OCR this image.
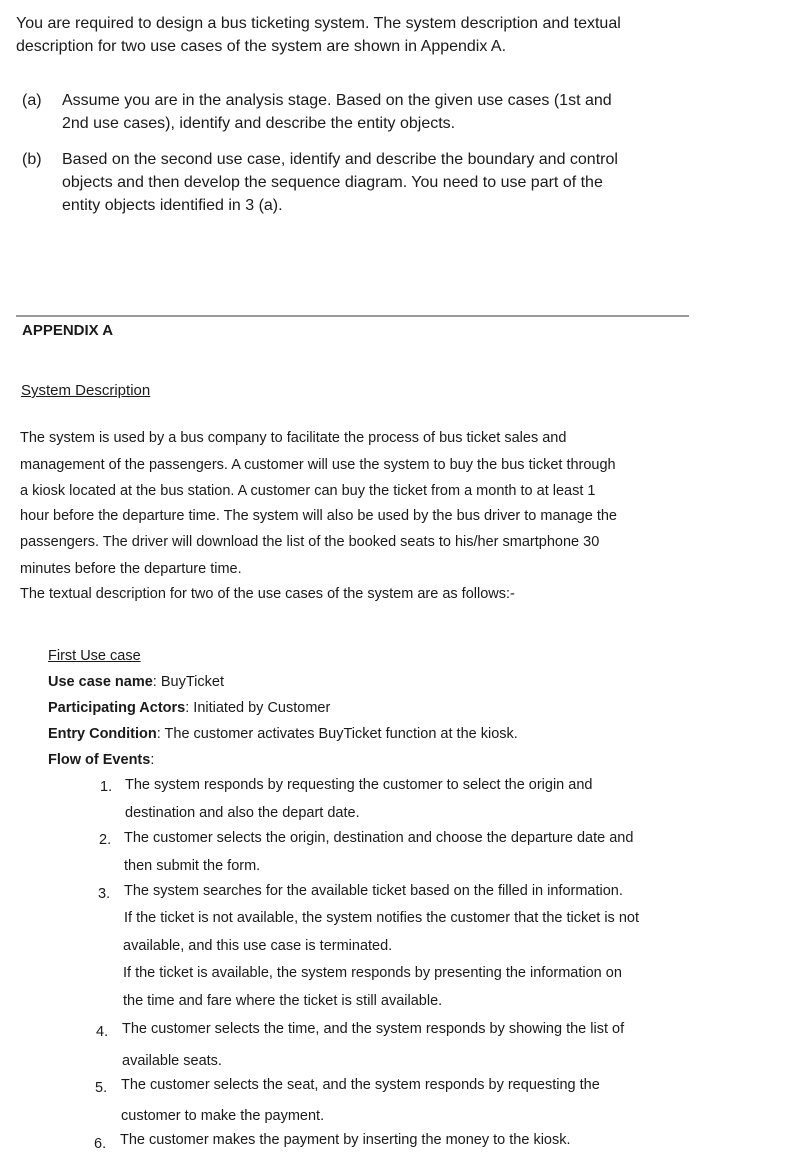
You are required to design a bus ticketing system. The system description and textual description for two use cases of the system are shown in Appendix A.
(a) Assume you are in the analysis stage. Based on the given use cases (1st and 2nd use cases), identify and describe the entity objects.
(b) Based on the second use case, identify and describe the boundary and control objects and then develop the sequence diagram. You need to use part of the entity objects identified in 3 (a).
APPENDIX A
System Description
The system is used by a bus company to facilitate the process of bus ticket sales and
management of the passengers. A customer will use the system to buy the bus ticket through
a kiosk located at the bus station. A customer can buy the ticket from a month to at least 1
hour before the departure time. The system will also be used by the bus driver to manage the
passengers. The driver will download the list of the booked seats to his/her smartphone 30
minutes before the departure time.
The textual description for two of the use cases of the system are as follows:-
First Use case
Use case name: BuyTicket
Participating Actors: Initiated by Customer
Entry Condition: The customer activates BuyTicket function at the kiosk.
Flow of Events:
1. The system responds by requesting the customer to select the origin and
destination and also the depart date.
2. The customer selects the origin, destination and choose the departure date and
then submit the form.
3. The system searches for the available ticket based on the filled in information.
If the ticket is not available, the system notifies the customer that the ticket is not
available, and this use case is terminated.
If the ticket is available, the system responds by presenting the information on
the time and fare where the ticket is still available.
4. The customer selects the time, and the system responds by showing the list of
available seats.
5. The customer selects the seat, and the system responds by requesting the
customer to make the payment.
6. The customer makes the payment by inserting the money to the kiosk.
